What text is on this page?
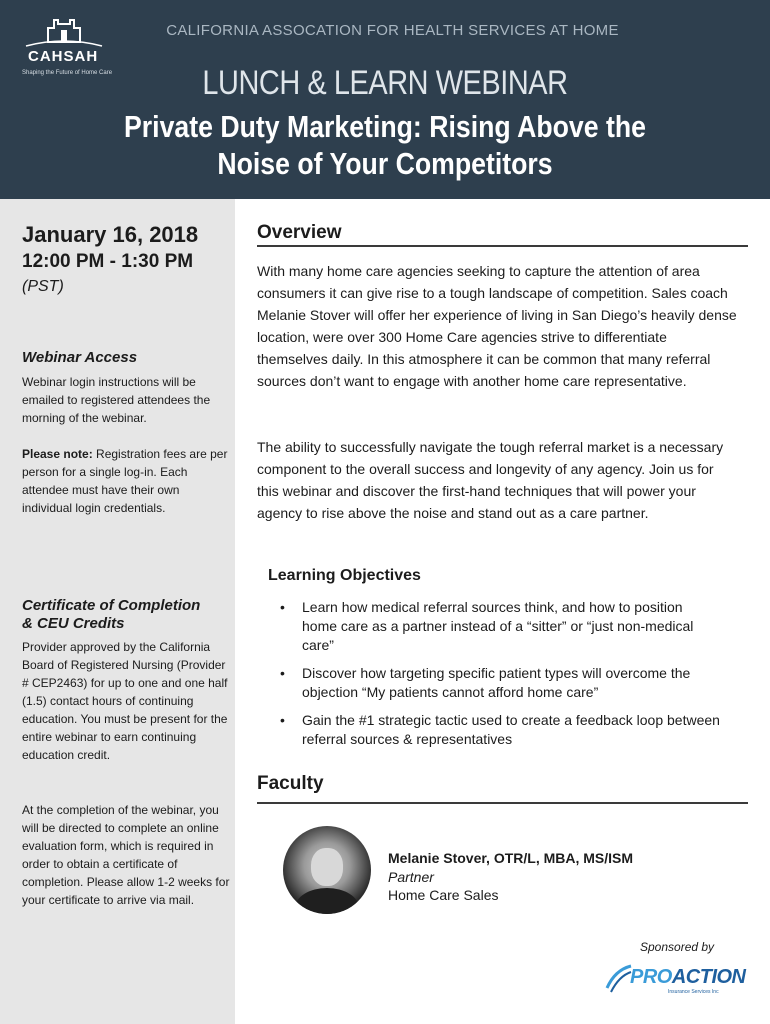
CAHSAH
Shaping the Future of Home Care
CALIFORNIA ASSOCATION FOR HEALTH SERVICES AT HOME
LUNCH & LEARN WEBINAR
Private Duty Marketing: Rising Above the
Noise of Your Competitors
January 16, 2018
12:00 PM - 1:30 PM
(PST)
Webinar Access
Webinar login instructions will be emailed to registered attendees the morning of the webinar.
Please note: Registration fees are per person for a single log-in. Each attendee must have their own individual login credentials.
Certificate of Completion
& CEU Credits
Provider approved by the California Board of Registered Nursing (Provider # CEP2463) for up to one and one half (1.5) contact hours of continuing education. You must be present for the entire webinar to earn continuing education credit.
At the completion of the webinar, you will be directed to complete an online evaluation form, which is required in order to obtain a certificate of completion. Please allow 1-2 weeks for your certificate to arrive via mail.
Overview
With many home care agencies seeking to capture the attention of area consumers it can give rise to a tough landscape of competition. Sales coach Melanie Stover will offer her experience of living in San Diego’s heavily dense location, were over 300 Home Care agencies strive to differentiate themselves daily. In this atmosphere it can be common that many referral sources don’t want to engage with another home care representative.
The ability to successfully navigate the tough referral market is a necessary component to the overall success and longevity of any agency. Join us for this webinar and discover the first-hand techniques that will power your agency to rise above the noise and stand out as a care partner.
Learning Objectives
• Learn how medical referral sources think, and how to position home care as a partner instead of a “sitter” or “just non-medical care”
• Discover how targeting specific patient types will overcome the objection “My patients cannot afford home care”
• Gain the #1 strategic tactic used to create a feedback loop between referral sources & representatives
Faculty
Melanie Stover, OTR/L, MBA, MS/ISM
Partner
Home Care Sales
Sponsored by
PROACTION
Insurance Services Inc
